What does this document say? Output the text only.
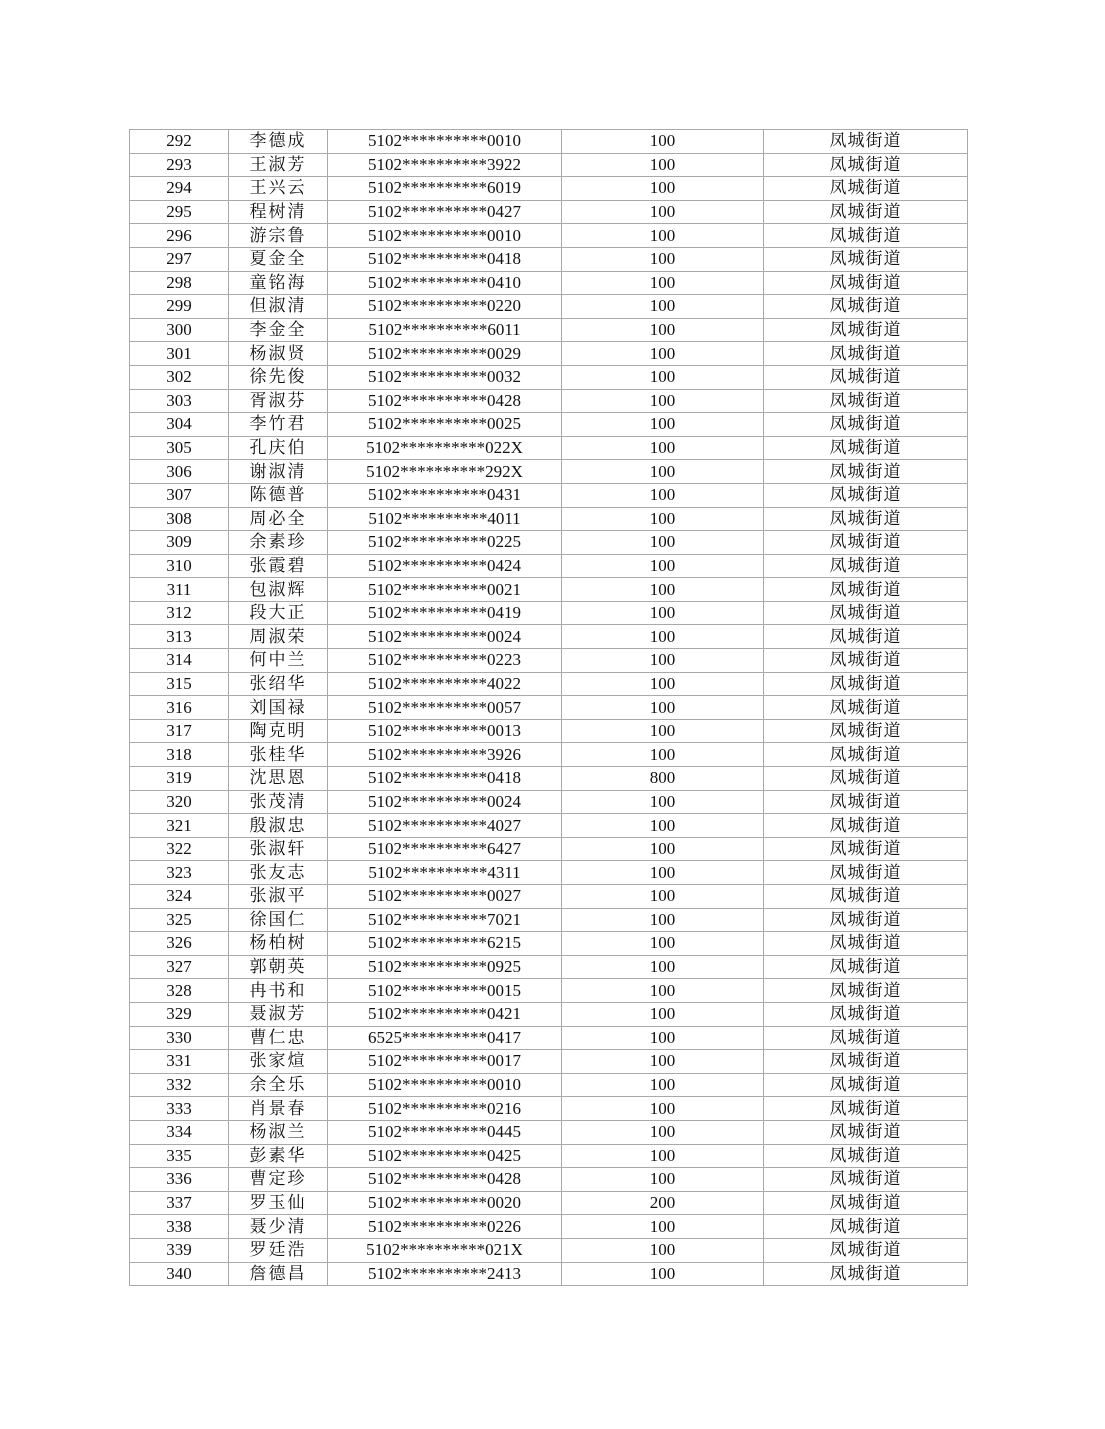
292	李德成	5102**********0010	100	凤城街道
293	王淑芳	5102**********3922	100	凤城街道
294	王兴云	5102**********6019	100	凤城街道
295	程树清	5102**********0427	100	凤城街道
296	游宗鲁	5102**********0010	100	凤城街道
297	夏金全	5102**********0418	100	凤城街道
298	童铭海	5102**********0410	100	凤城街道
299	但淑清	5102**********0220	100	凤城街道
300	李金全	5102**********6011	100	凤城街道
301	杨淑贤	5102**********0029	100	凤城街道
302	徐先俊	5102**********0032	100	凤城街道
303	胥淑芬	5102**********0428	100	凤城街道
304	李竹君	5102**********0025	100	凤城街道
305	孔庆伯	5102**********022X	100	凤城街道
306	谢淑清	5102**********292X	100	凤城街道
307	陈德普	5102**********0431	100	凤城街道
308	周必全	5102**********4011	100	凤城街道
309	余素珍	5102**********0225	100	凤城街道
310	张霞碧	5102**********0424	100	凤城街道
311	包淑辉	5102**********0021	100	凤城街道
312	段大正	5102**********0419	100	凤城街道
313	周淑荣	5102**********0024	100	凤城街道
314	何中兰	5102**********0223	100	凤城街道
315	张绍华	5102**********4022	100	凤城街道
316	刘国禄	5102**********0057	100	凤城街道
317	陶克明	5102**********0013	100	凤城街道
318	张桂华	5102**********3926	100	凤城街道
319	沈思恩	5102**********0418	800	凤城街道
320	张茂清	5102**********0024	100	凤城街道
321	殷淑忠	5102**********4027	100	凤城街道
322	张淑轩	5102**********6427	100	凤城街道
323	张友志	5102**********4311	100	凤城街道
324	张淑平	5102**********0027	100	凤城街道
325	徐国仁	5102**********7021	100	凤城街道
326	杨柏树	5102**********6215	100	凤城街道
327	郭朝英	5102**********0925	100	凤城街道
328	冉书和	5102**********0015	100	凤城街道
329	聂淑芳	5102**********0421	100	凤城街道
330	曹仁忠	6525**********0417	100	凤城街道
331	张家煊	5102**********0017	100	凤城街道
332	余全乐	5102**********0010	100	凤城街道
333	肖景春	5102**********0216	100	凤城街道
334	杨淑兰	5102**********0445	100	凤城街道
335	彭素华	5102**********0425	100	凤城街道
336	曹定珍	5102**********0428	100	凤城街道
337	罗玉仙	5102**********0020	200	凤城街道
338	聂少清	5102**********0226	100	凤城街道
339	罗廷浩	5102**********021X	100	凤城街道
340	詹德昌	5102**********2413	100	凤城街道
